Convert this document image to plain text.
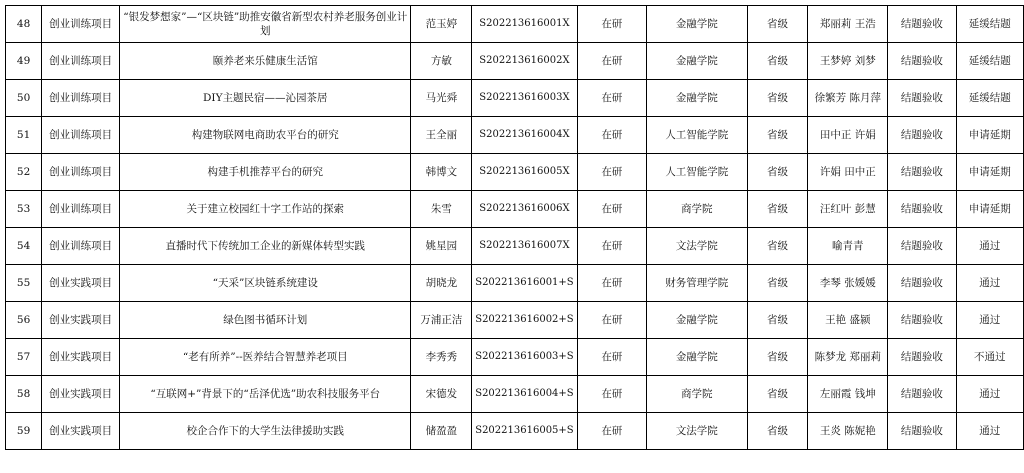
48	创业训练项目	“银发梦想家”—“区块链”助推安徽省新型农村养老服务创业计划	范玉婷	S202213616001X	在研	金融学院	省级	郑丽莉 王浩	结题验收	延缓结题
49	创业训练项目	颐养老来乐健康生活馆	方敏	S202213616002X	在研	金融学院	省级	王梦婷 刘梦	结题验收	延缓结题
50	创业训练项目	DIY主题民宿——沁园茶居	马光舜	S202213616003X	在研	金融学院	省级	徐繁芳 陈月萍	结题验收	延缓结题
51	创业训练项目	构建物联网电商助农平台的研究	王全丽	S202213616004X	在研	人工智能学院	省级	田中正 许娟	结题验收	申请延期
52	创业训练项目	构建手机推荐平台的研究	韩博文	S202213616005X	在研	人工智能学院	省级	许娟 田中正	结题验收	申请延期
53	创业训练项目	关于建立校园红十字工作站的探索	朱雪	S202213616006X	在研	商学院	省级	汪红叶 彭慧	结题验收	申请延期
54	创业训练项目	直播时代下传统加工企业的新媒体转型实践	姚星园	S202213616007X	在研	文法学院	省级	喻青青	结题验收	通过
55	创业实践项目	“天采”区块链系统建设	胡晓龙	S202213616001+S	在研	财务管理学院	省级	李琴 张媛媛	结题验收	通过
56	创业实践项目	绿色图书循环计划	万浦正洁	S202213616002+S	在研	金融学院	省级	王艳 盛颍	结题验收	通过
57	创业实践项目	“老有所养”--医养结合智慧养老项目	李秀秀	S202213616003+S	在研	金融学院	省级	陈梦龙 郑丽莉	结题验收	不通过
58	创业实践项目	“互联网+”背景下的“岳泽优选”助农科技服务平台	宋德发	S202213616004+S	在研	商学院	省级	左丽霞 钱坤	结题验收	通过
59	创业实践项目	校企合作下的大学生法律援助实践	储盈盈	S202213616005+S	在研	文法学院	省级	王炎 陈妮艳	结题验收	通过
